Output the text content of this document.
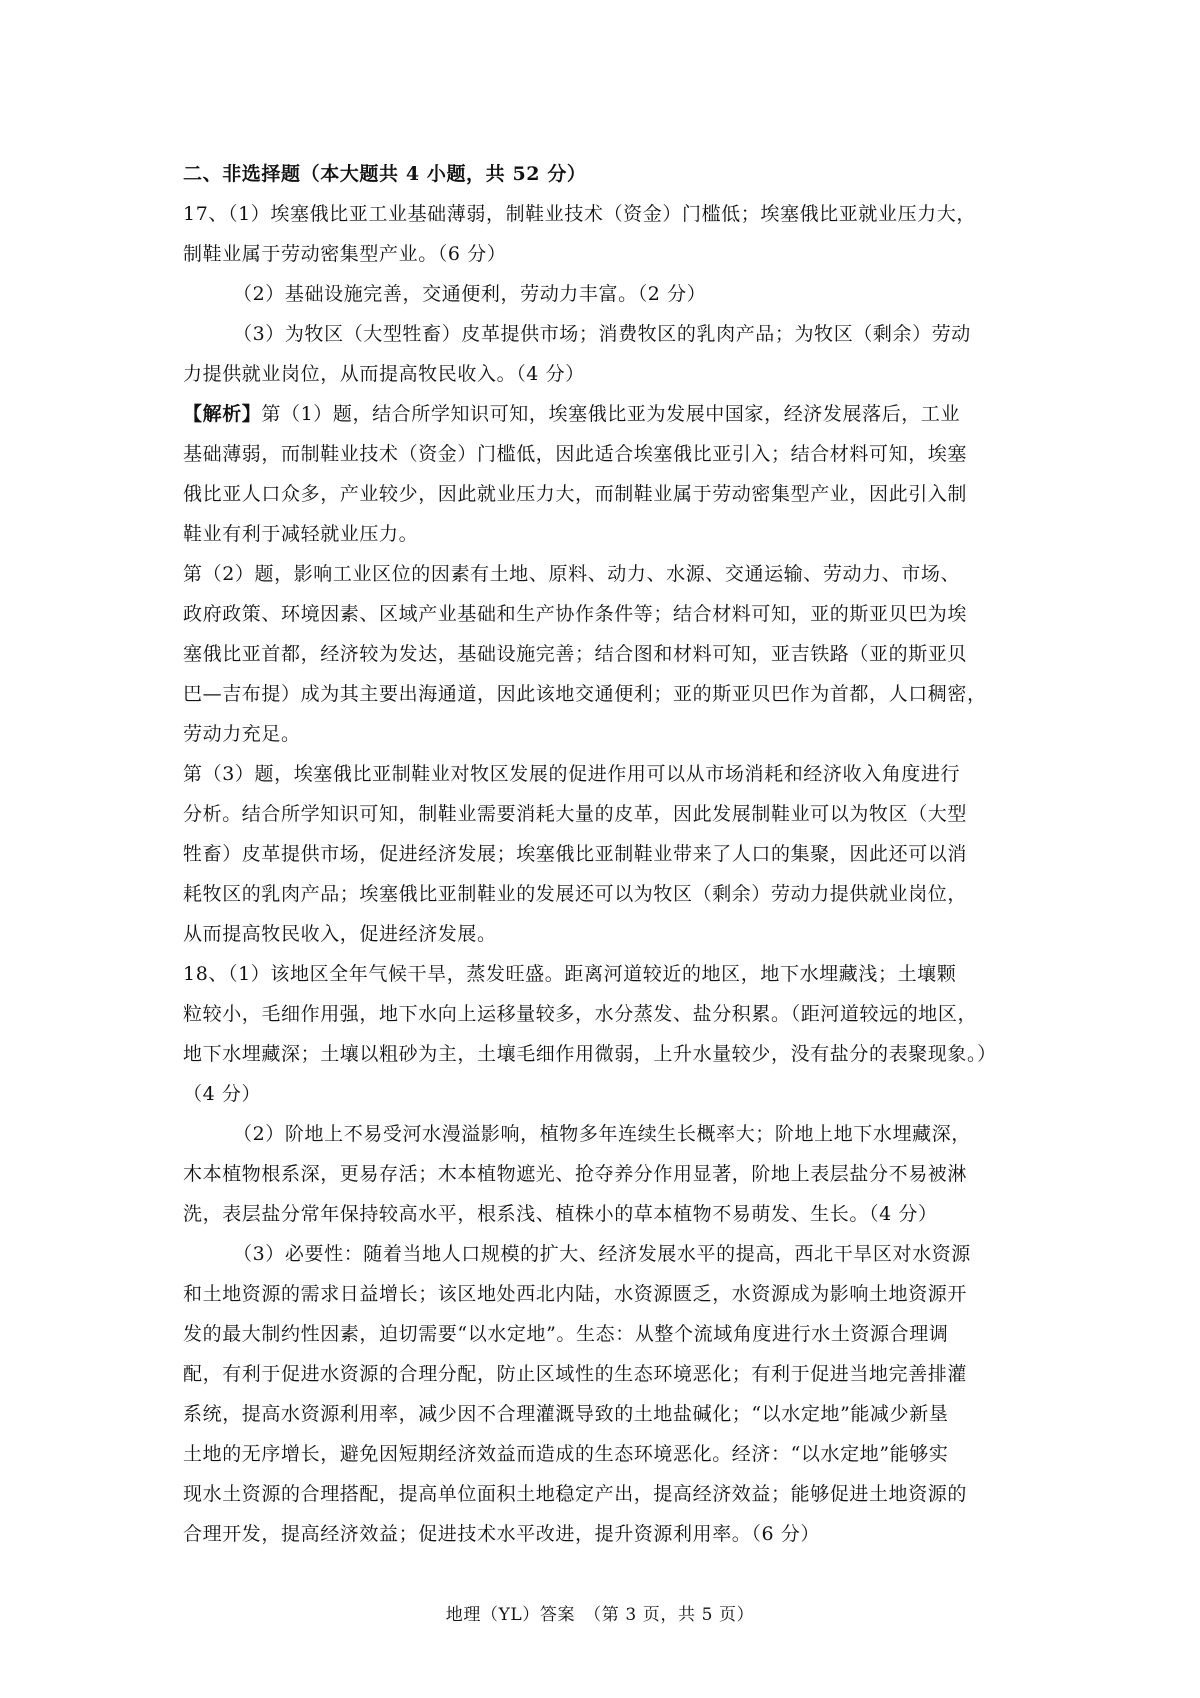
二、非选择题（本大题共 4 小题，共 52 分）
17、（1）埃塞俄比亚工业基础薄弱，制鞋业技术（资金）门槛低；埃塞俄比亚就业压力大，
制鞋业属于劳动密集型产业。（6 分）
（2）基础设施完善，交通便利，劳动力丰富。（2 分）
（3）为牧区（大型牲畜）皮革提供市场；消费牧区的乳肉产品；为牧区（剩余）劳动
力提供就业岗位，从而提高牧民收入。（4 分）
【解析】第（1）题，结合所学知识可知，埃塞俄比亚为发展中国家，经济发展落后，工业
基础薄弱，而制鞋业技术（资金）门槛低，因此适合埃塞俄比亚引入；结合材料可知，埃塞
俄比亚人口众多，产业较少，因此就业压力大，而制鞋业属于劳动密集型产业，因此引入制
鞋业有利于减轻就业压力。
第（2）题，影响工业区位的因素有土地、原料、动力、水源、交通运输、劳动力、市场、
政府政策、环境因素、区域产业基础和生产协作条件等；结合材料可知，亚的斯亚贝巴为埃
塞俄比亚首都，经济较为发达，基础设施完善；结合图和材料可知，亚吉铁路（亚的斯亚贝
巴—吉布提）成为其主要出海通道，因此该地交通便利；亚的斯亚贝巴作为首都，人口稠密，
劳动力充足。
第（3）题，埃塞俄比亚制鞋业对牧区发展的促进作用可以从市场消耗和经济收入角度进行
分析。结合所学知识可知，制鞋业需要消耗大量的皮革，因此发展制鞋业可以为牧区（大型
牲畜）皮革提供市场，促进经济发展；埃塞俄比亚制鞋业带来了人口的集聚，因此还可以消
耗牧区的乳肉产品；埃塞俄比亚制鞋业的发展还可以为牧区（剩余）劳动力提供就业岗位，
从而提高牧民收入，促进经济发展。
18、（1）该地区全年气候干旱，蒸发旺盛。距离河道较近的地区，地下水埋藏浅；土壤颗
粒较小，毛细作用强，地下水向上运移量较多，水分蒸发、盐分积累。（距河道较远的地区，
地下水埋藏深；土壤以粗砂为主，土壤毛细作用微弱，上升水量较少，没有盐分的表聚现象。）
（4 分）
（2）阶地上不易受河水漫溢影响，植物多年连续生长概率大；阶地上地下水埋藏深，
木本植物根系深，更易存活；木本植物遮光、抢夺养分作用显著，阶地上表层盐分不易被淋
洗，表层盐分常年保持较高水平，根系浅、植株小的草本植物不易萌发、生长。（4 分）
（3）必要性：随着当地人口规模的扩大、经济发展水平的提高，西北干旱区对水资源
和土地资源的需求日益增长；该区地处西北内陆，水资源匮乏，水资源成为影响土地资源开
发的最大制约性因素，迫切需要“以水定地”。生态：从整个流域角度进行水土资源合理调
配，有利于促进水资源的合理分配，防止区域性的生态环境恶化；有利于促进当地完善排灌
系统，提高水资源利用率，减少因不合理灌溉导致的土地盐碱化；“以水定地”能减少新垦
土地的无序增长，避免因短期经济效益而造成的生态环境恶化。经济：“以水定地”能够实
现水土资源的合理搭配，提高单位面积土地稳定产出，提高经济效益；能够促进土地资源的
合理开发，提高经济效益；促进技术水平改进，提升资源利用率。（6 分）
地理（YL）答案　（第 3 页，共 5 页）
